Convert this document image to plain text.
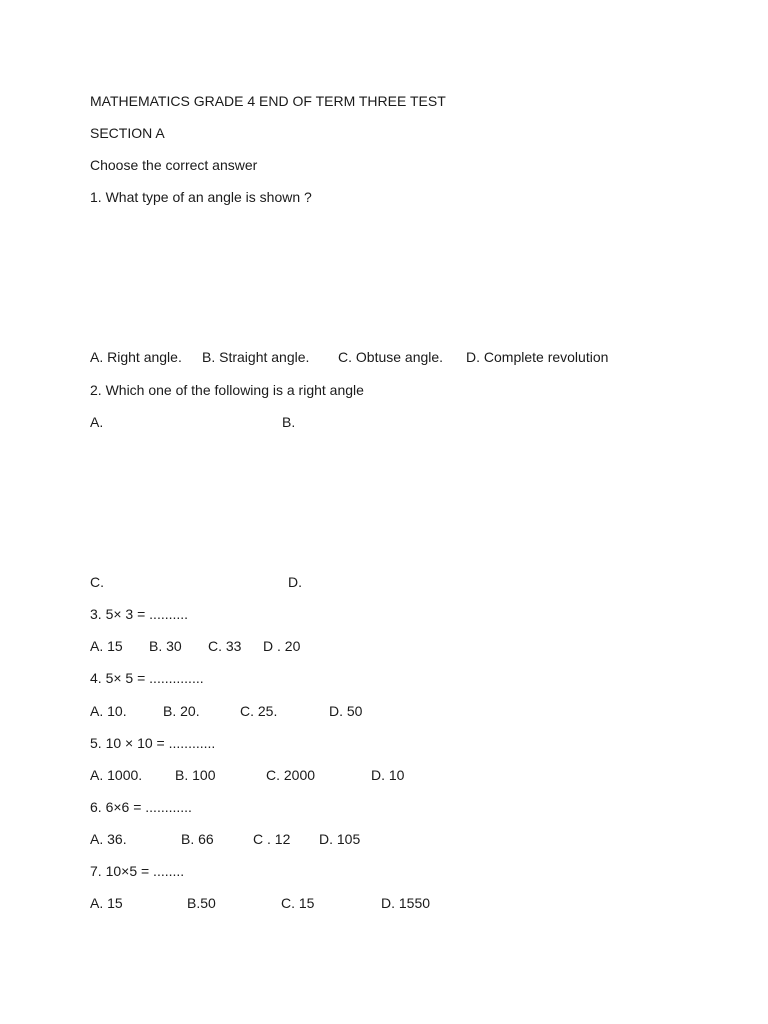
MATHEMATICS GRADE 4 END OF TERM THREE TEST
SECTION A
Choose the correct answer
1. What type of an angle is shown ?
A. Right angle. B. Straight angle. C. Obtuse angle. D. Complete revolution
2. Which one of the following is a right angle
A.	B.
C.	D.
3. 5× 3 = ..........
A. 15 B. 30 C. 33 D . 20
4. 5× 5 = ..............
A. 10.	B. 20.	C. 25.	D. 50
5. 10 × 10 = ............
A. 1000. B. 100	C. 2000	D. 10
6. 6×6 = ............
A. 36.	B. 66	C . 12 D. 105
7. 10×5 = ........
A. 15	B.50	C. 15	D. 1550
